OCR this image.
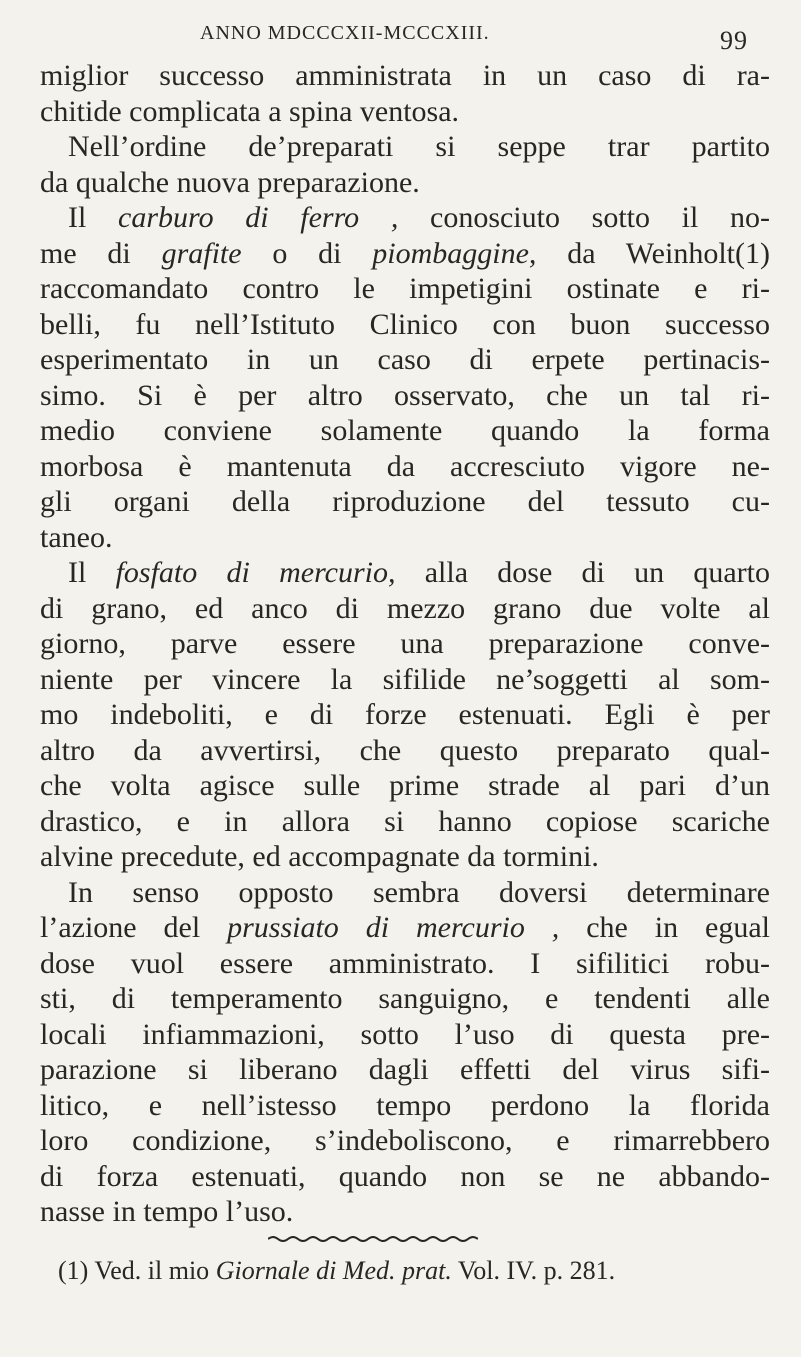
ANNO MDCCCXII-MCCCXIII.	99
miglior successo amministrata in un caso di ra-
chitide complicata a spina ventosa.
Nell’ordine de’preparati si seppe trar partito
da qualche nuova preparazione.
Il carburo di ferro , conosciuto sotto il no-
me di grafite o di piombaggine, da Weinholt(1)
raccomandato contro le impetigini ostinate e ri-
belli, fu nell’Istituto Clinico con buon successo
esperimentato in un caso di erpete pertinacis-
simo. Si è per altro osservato, che un tal ri-
medio conviene solamente quando la forma
morbosa è mantenuta da accresciuto vigore ne-
gli organi della riproduzione del tessuto cu-
taneo.
Il fosfato di mercurio, alla dose di un quarto
di grano, ed anco di mezzo grano due volte al
giorno, parve essere una preparazione conve-
niente per vincere la sifilide ne’soggetti al som-
mo indeboliti, e di forze estenuati. Egli è per
altro da avvertirsi, che questo preparato qual-
che volta agisce sulle prime strade al pari d’un
drastico, e in allora si hanno copiose scariche
alvine precedute, ed accompagnate da tormini.
In senso opposto sembra doversi determinare
l’azione del prussiato di mercurio , che in egual
dose vuol essere amministrato. I sifilitici robu-
sti, di temperamento sanguigno, e tendenti alle
locali infiammazioni, sotto l’uso di questa pre-
parazione si liberano dagli effetti del virus sifi-
litico, e nell’istesso tempo perdono la florida
loro condizione, s’indeboliscono, e rimarrebbero
di forza estenuati, quando non se ne abbando-
nasse in tempo l’uso.
(1) Ved. il mio Giornale di Med. prat. Vol. IV. p. 281.
